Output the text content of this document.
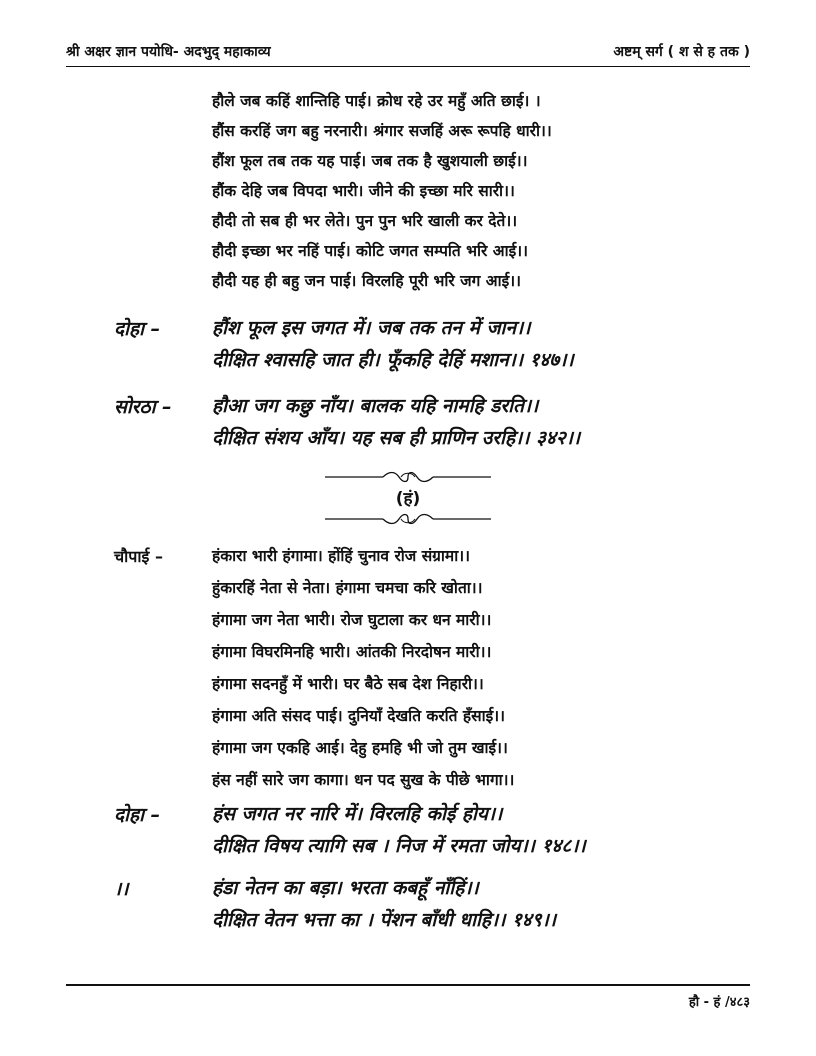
श्री अक्षर ज्ञान पयोधि- अदभुद् महाकाव्य	अष्टम् सर्ग ( श से ह तक )
हौले जब कहिं शान्तिहि पाई। क्रोध रहे उर महुँ अति छाई। ।
हौंस करहिं जग बहु नरनारी। श्रंगार सजहिं अरू रूपहि धारी।।
हौंश फूल तब तक यह पाई। जब तक है खुशयाली छाई।।
हौंक देहि जब विपदा भारी। जीने की इच्छा मरि सारी।।
हौदी तो सब ही भर लेते। पुन पुन भरि खाली कर देते।।
हौदी इच्छा भर नहिं पाई। कोटि जगत सम्पति भरि आई।।
हौदी यह ही बहु जन पाई। विरलहि पूरी भरि जग आई।।
दोहा –	हौंश फूल इस जगत में। जब तक तन में जान।।
दीक्षित श्वासहि जात ही। फूँकहि देहिं मशान।। १४७।।
सोरठा – हौआ जग कछु नाँय। बालक यहि नामहि डरति।।
दीक्षित संशय आँय। यह सब ही प्राणिन उरहि।। ३४२।।
(हं)
चौपाई –	हंकारा भारी हंगामा। होंहिं चुनाव रोज संग्रामा।।
हुंकारहिं नेता से नेता। हंगामा चमचा करि खोता।।
हंगामा जग नेता भारी। रोज घुटाला कर धन मारी।।
हंगामा विघरमिनहि भारी। आंतकी निरदोषन मारी।।
हंगामा सदनहुँ में भारी। घर बैठे सब देश निहारी।।
हंगामा अति संसद पाई। दुनियाँ देखति करति हँसाई।।
हंगामा जग एकहि आई। देहु हमहि भी जो तुम खाई।।
हंस नहीं सारे जग कागा। धन पद सुख के पीछे भागा।।
दोहा –	हंस जगत नर नारि में। विरलहि कोई होय।।
दीक्षित विषय त्यागि सब । निज में रमता जोय।। १४८।।
।।	हंडा नेतन का बड़ा। भरता कबहूँ नाँहिं।।
दीक्षित वेतन भत्ता का । पेंशन बाँधी धाहि।। १४९।।
हौ - हं /४८३
